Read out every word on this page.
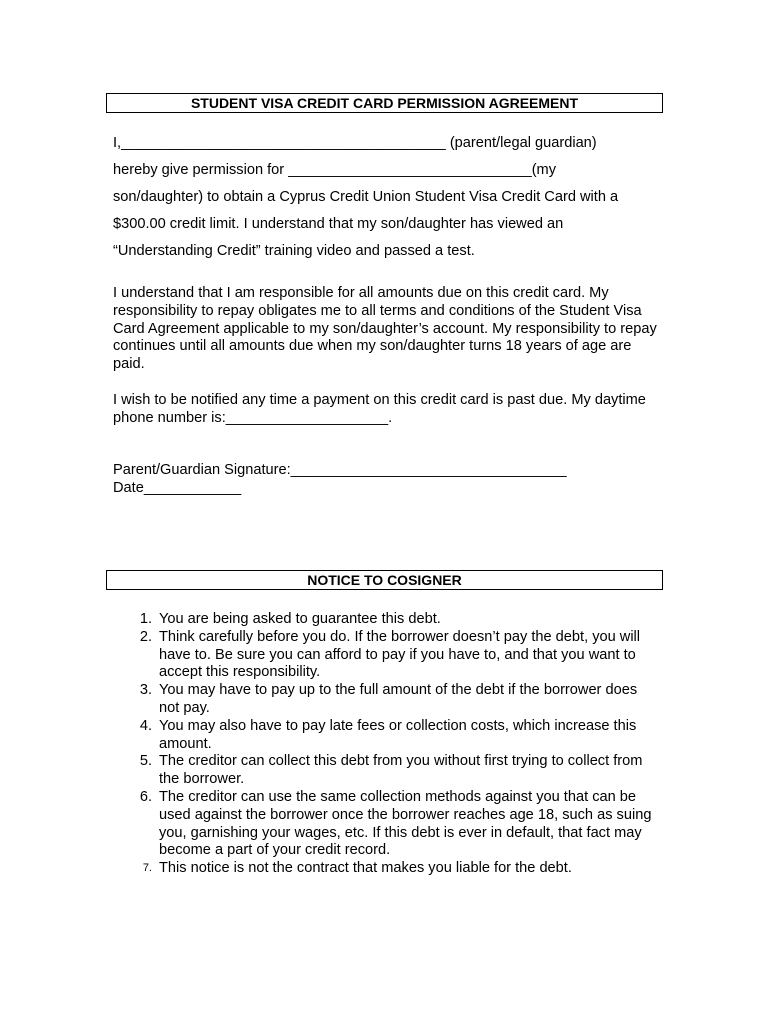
STUDENT VISA CREDIT CARD PERMISSION AGREEMENT
I,________________________________________ (parent/legal guardian)
hereby give permission for ______________________________(my
son/daughter) to obtain a Cyprus Credit Union Student Visa Credit Card with a
$300.00 credit limit. I understand that my son/daughter has viewed an
“Understanding Credit” training video and passed a test.
I understand that I am responsible for all amounts due on this credit card. My responsibility to repay obligates me to all terms and conditions of the Student Visa Card Agreement applicable to my son/daughter’s account. My responsibility to repay continues until all amounts due when my son/daughter turns 18 years of age are paid.
I wish to be notified any time a payment on this credit card is past due. My daytime phone number is:____________________.
Parent/Guardian Signature:__________________________________
Date____________
NOTICE TO COSIGNER
1. You are being asked to guarantee this debt.
2. Think carefully before you do. If the borrower doesn’t pay the debt, you will have to. Be sure you can afford to pay if you have to, and that you want to accept this responsibility.
3. You may have to pay up to the full amount of the debt if the borrower does not pay.
4. You may also have to pay late fees or collection costs, which increase this amount.
5. The creditor can collect this debt from you without first trying to collect from the borrower.
6. The creditor can use the same collection methods against you that can be used against the borrower once the borrower reaches age 18, such as suing you, garnishing your wages, etc. If this debt is ever in default, that fact may become a part of your credit record.
7. This notice is not the contract that makes you liable for the debt.
